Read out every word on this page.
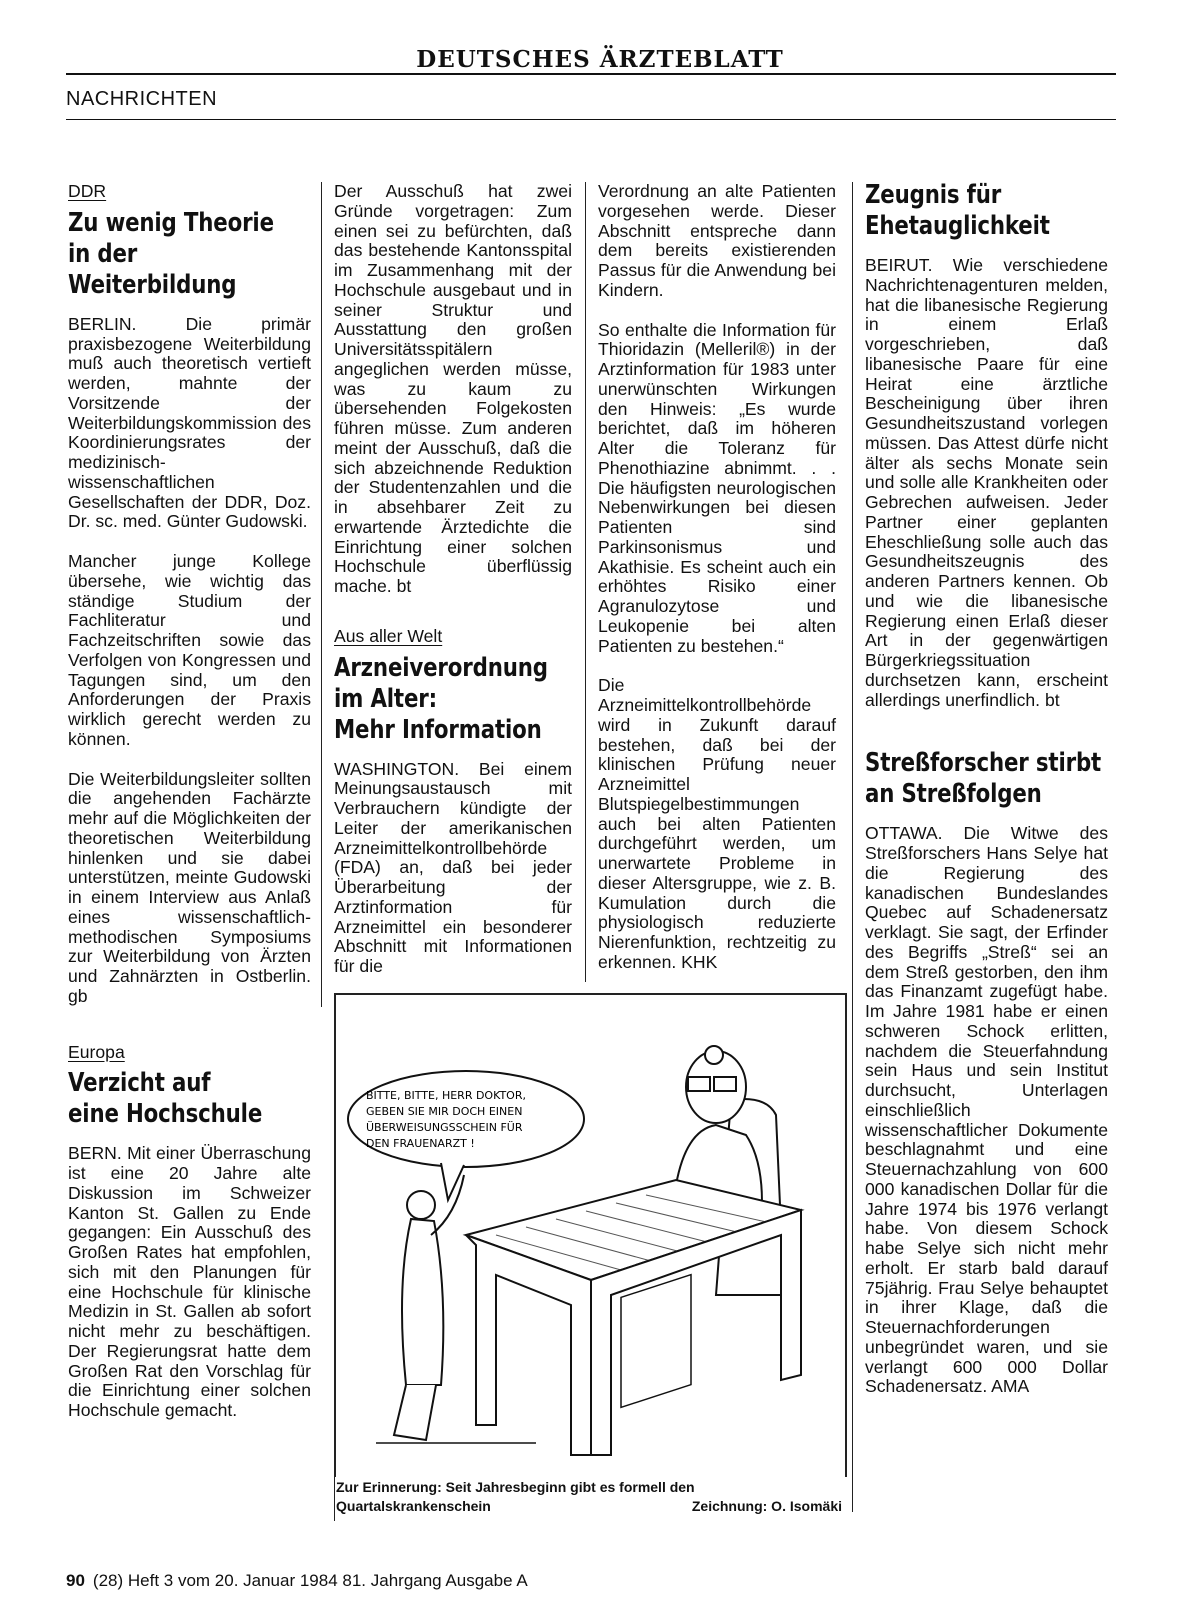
DEUTSCHES ÄRZTEBLATT
NACHRICHTEN
DDR
Zu wenig Theorie
in der
Weiterbildung

BERLIN. Die primär praxisbezogene Weiterbildung muß auch theoretisch vertieft werden, mahnte der Vorsitzende der Weiterbildungskommission des Koordinierungsrates der medizinisch-wissenschaftlichen Gesellschaften der DDR, Doz. Dr. sc. med. Günter Gudowski.

Mancher junge Kollege übersehe, wie wichtig das ständige Studium der Fachliteratur und Fachzeitschriften sowie das Verfolgen von Kongressen und Tagungen sind, um den Anforderungen der Praxis wirklich gerecht werden zu können.

Die Weiterbildungsleiter sollten die angehenden Fachärzte mehr auf die Möglichkeiten der theoretischen Weiterbildung hinlenken und sie dabei unterstützen, meinte Gudowski in einem Interview aus Anlaß eines wissenschaftlich-methodischen Symposiums zur Weiterbildung von Ärzten und Zahnärzten in Ostberlin. gb

Europa
Verzicht auf
eine Hochschule

BERN. Mit einer Überraschung ist eine 20 Jahre alte Diskussion im Schweizer Kanton St. Gallen zu Ende gegangen: Ein Ausschuß des Großen Rates hat empfohlen, sich mit den Planungen für eine Hochschule für klinische Medizin in St. Gallen ab sofort nicht mehr zu beschäftigen. Der Regierungsrat hatte dem Großen Rat den Vorschlag für die Einrichtung einer solchen Hochschule gemacht.

Der Ausschuß hat zwei Gründe vorgetragen: Zum einen sei zu befürchten, daß das bestehende Kantonsspital im Zusammenhang mit der Hochschule ausgebaut und in seiner Struktur und Ausstattung den großen Universitätsspitälern angeglichen werden müsse, was zu kaum zu übersehenden Folgekosten führen müsse. Zum anderen meint der Ausschuß, daß die sich abzeichnende Reduktion der Studentenzahlen und die in absehbarer Zeit zu erwartende Ärztedichte die Einrichtung einer solchen Hochschule überflüssig mache. bt

Aus aller Welt
Arzneiverordnung
im Alter:
Mehr Information

WASHINGTON. Bei einem Meinungsaustausch mit Verbrauchern kündigte der Leiter der amerikanischen Arzneimittelkontrollbehörde (FDA) an, daß bei jeder Überarbeitung der Arztinformation für Arzneimittel ein besonderer Abschnitt mit Informationen für die

Verordnung an alte Patienten vorgesehen werde. Dieser Abschnitt entspreche dann dem bereits existierenden Passus für die Anwendung bei Kindern.

So enthalte die Information für Thioridazin (Melleril®) in der Arztinformation für 1983 unter unerwünschten Wirkungen den Hinweis: „Es wurde berichtet, daß im höheren Alter die Toleranz für Phenothiazine abnimmt. . . Die häufigsten neurologischen Nebenwirkungen bei diesen Patienten sind Parkinsonismus und Akathisie. Es scheint auch ein erhöhtes Risiko einer Agranulozytose und Leukopenie bei alten Patienten zu bestehen.“

Die Arzneimittelkontrollbehörde wird in Zukunft darauf bestehen, daß bei der klinischen Prüfung neuer Arzneimittel Blutspiegelbestimmungen auch bei alten Patienten durchgeführt werden, um unerwartete Probleme in dieser Altersgruppe, wie z. B. Kumulation durch die physiologisch reduzierte Nierenfunktion, rechtzeitig zu erkennen. KHK

Zeugnis für
Ehetauglichkeit

BEIRUT. Wie verschiedene Nachrichtenagenturen melden, hat die libanesische Regierung in einem Erlaß vorgeschrieben, daß libanesische Paare für eine Heirat eine ärztliche Bescheinigung über ihren Gesundheitszustand vorlegen müssen. Das Attest dürfe nicht älter als sechs Monate sein und solle alle Krankheiten oder Gebrechen aufweisen. Jeder Partner einer geplanten Eheschließung solle auch das Gesundheitszeugnis des anderen Partners kennen. Ob und wie die libanesische Regierung einen Erlaß dieser Art in der gegenwärtigen Bürgerkriegssituation durchsetzen kann, erscheint allerdings unerfindlich. bt

Streßforscher stirbt
an Streßfolgen

OTTAWA. Die Witwe des Streßforschers Hans Selye hat die Regierung des kanadischen Bundeslandes Quebec auf Schadenersatz verklagt. Sie sagt, der Erfinder des Begriffs „Streß“ sei an dem Streß gestorben, den ihm das Finanzamt zugefügt habe. Im Jahre 1981 habe er einen schweren Schock erlitten, nachdem die Steuerfahndung sein Haus und sein Institut durchsucht, Unterlagen einschließlich wissenschaftlicher Dokumente beschlagnahmt und eine Steuernachzahlung von 600 000 kanadischen Dollar für die Jahre 1974 bis 1976 verlangt habe. Von diesem Schock habe Selye sich nicht mehr erholt. Er starb bald darauf 75jährig. Frau Selye behauptet in ihrer Klage, daß die Steuernachforderungen unbegründet waren, und sie verlangt 600 000 Dollar Schadenersatz. AMA

BITTE, BITTE, HERR DOKTOR,
GEBEN SIE MIR DOCH EINEN
ÜBERWEISUNGSSCHEIN FÜR
DEN FRAUENARZT !
Zur Erinnerung: Seit Jahresbeginn gibt es formell den Quartalskrankenschein	Zeichnung: O. Isomäki
90 (28) Heft 3 vom 20. Januar 1984 81. Jahrgang Ausgabe A
